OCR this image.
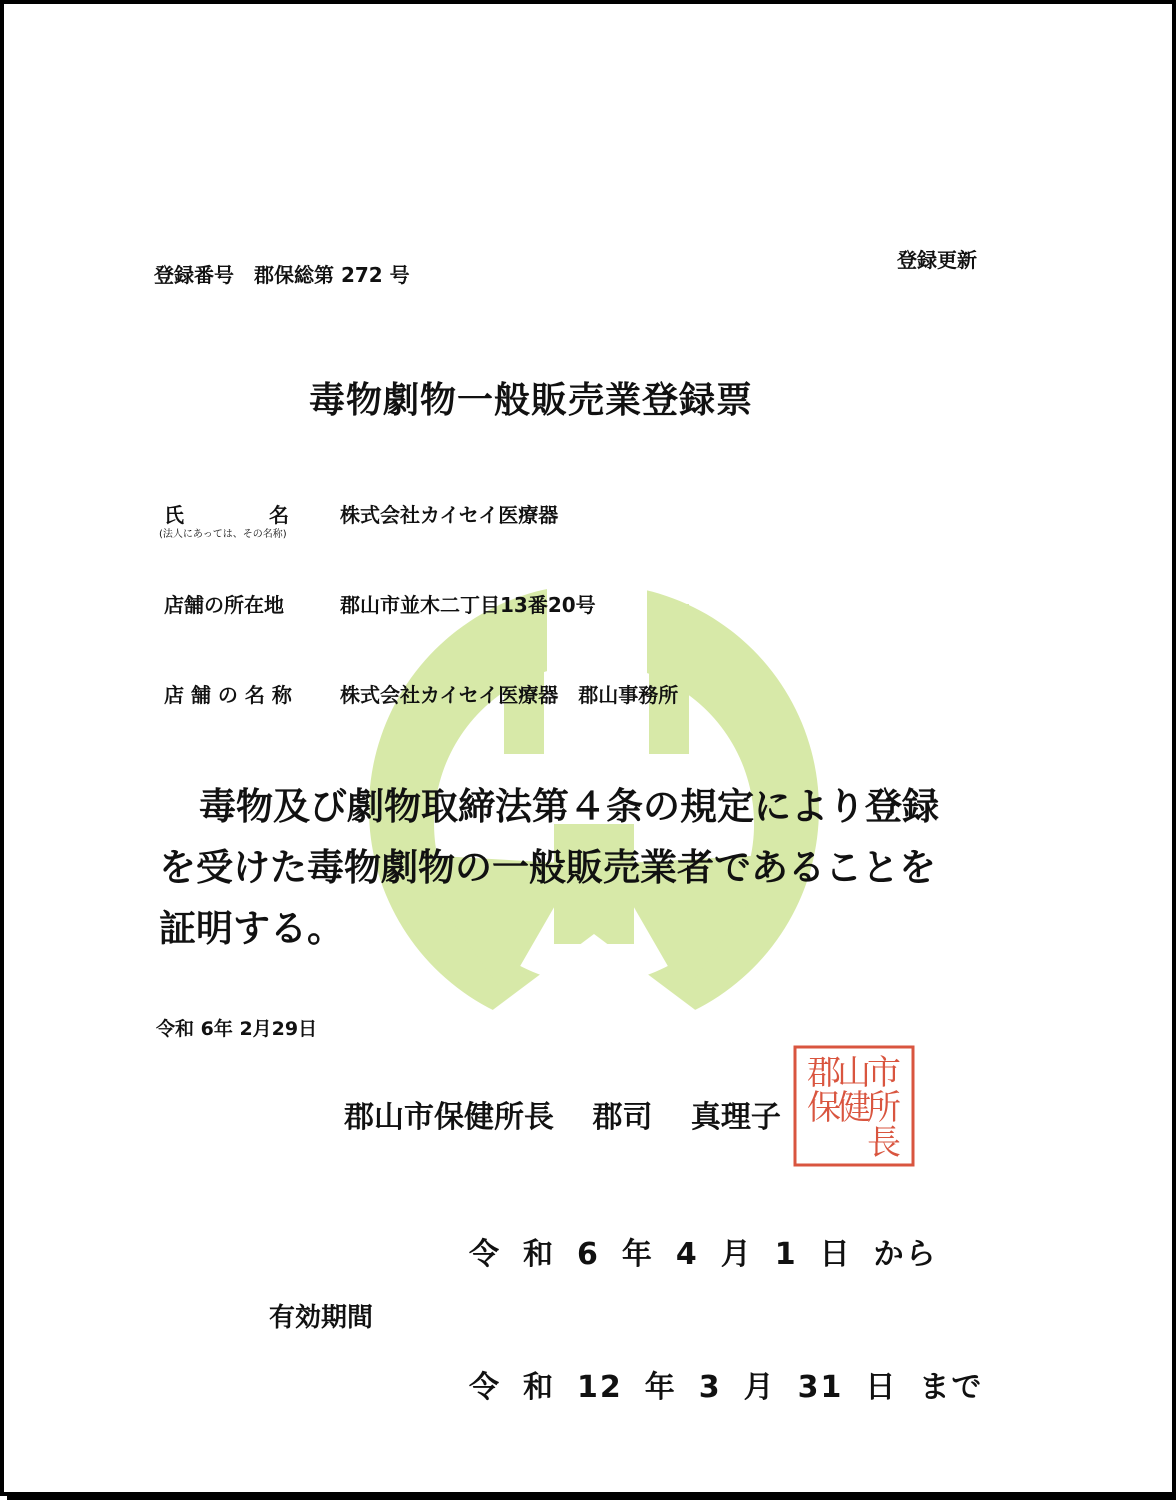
登録番号　郡保総第 272 号
登録更新
毒物劇物一般販売業登録票
氏	名
(法人にあっては、その名称)
株式会社カイセイ医療器
店舗の所在地	郡山市並木二丁目13番20号
店 舗 の 名 称 株式会社カイセイ医療器　郡山事務所
毒物及び劇物取締法第４条の規定により登録
を受けた毒物劇物の一般販売業者であることを
証明する。
令和 6年 2月29日
郡山市保健所長 郡司 真理子
市
所
長
山
保
郡
健
有効期間
令 和 6 年 4 月 1 日 から
令 和 12 年 3 月 31 日 まで
